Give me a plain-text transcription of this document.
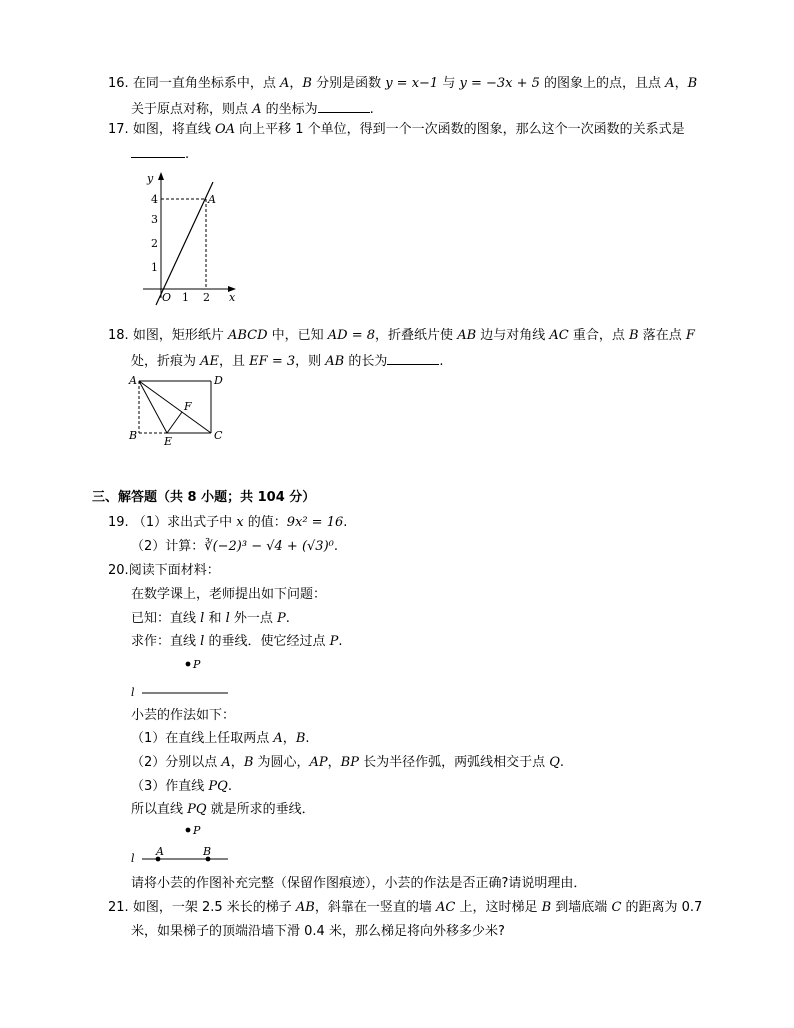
16. 在同一直角坐标系中，点 A，B 分别是函数 y = x−1 与 y = −3x + 5 的图象上的点，且点 A，B
关于原点对称，则点 A 的坐标为	.
17. 如图，将直线 OA 向上平移 1 个单位，得到一个一次函数的图象，那么这个一次函数的关系式是
.
y
x
O
4
3
2
1
1 2
A
18. 如图，矩形纸片 ABCD 中，已知 AD = 8，折叠纸片使 AB 边与对角线 AC 重合，点 B 落在点 F
处，折痕为 AE，且 EF = 3，则 AB 的长为	.
A	D
B	C
E
F
三、解答题（共 8 小题；共 104 分）
19. （1）求出式子中 x 的值：9x² = 16.
（2）计算：∛(−2)³ − √4 + (√3)⁰.
20.阅读下面材料：
在数学课上，老师提出如下问题：
已知：直线 l 和 l 外一点 P.
求作：直线 l 的垂线．使它经过点 P.
P
l
小芸的作法如下：
（1）在直线上任取两点 A，B.
（2）分别以点 A，B 为圆心，AP，BP 长为半径作弧，两弧线相交于点 Q.
（3）作直线 PQ.
所以直线 PQ 就是所求的垂线．
P
l
A	B
请将小芸的作图补充完整（保留作图痕迹），小芸的作法是否正确?请说明理由．
21. 如图，一架 2.5 米长的梯子 AB，斜靠在一竖直的墙 AC 上，这时梯足 B 到墙底端 C 的距离为 0.7
米，如果梯子的顶端沿墙下滑 0.4 米，那么梯足将向外移多少米?
